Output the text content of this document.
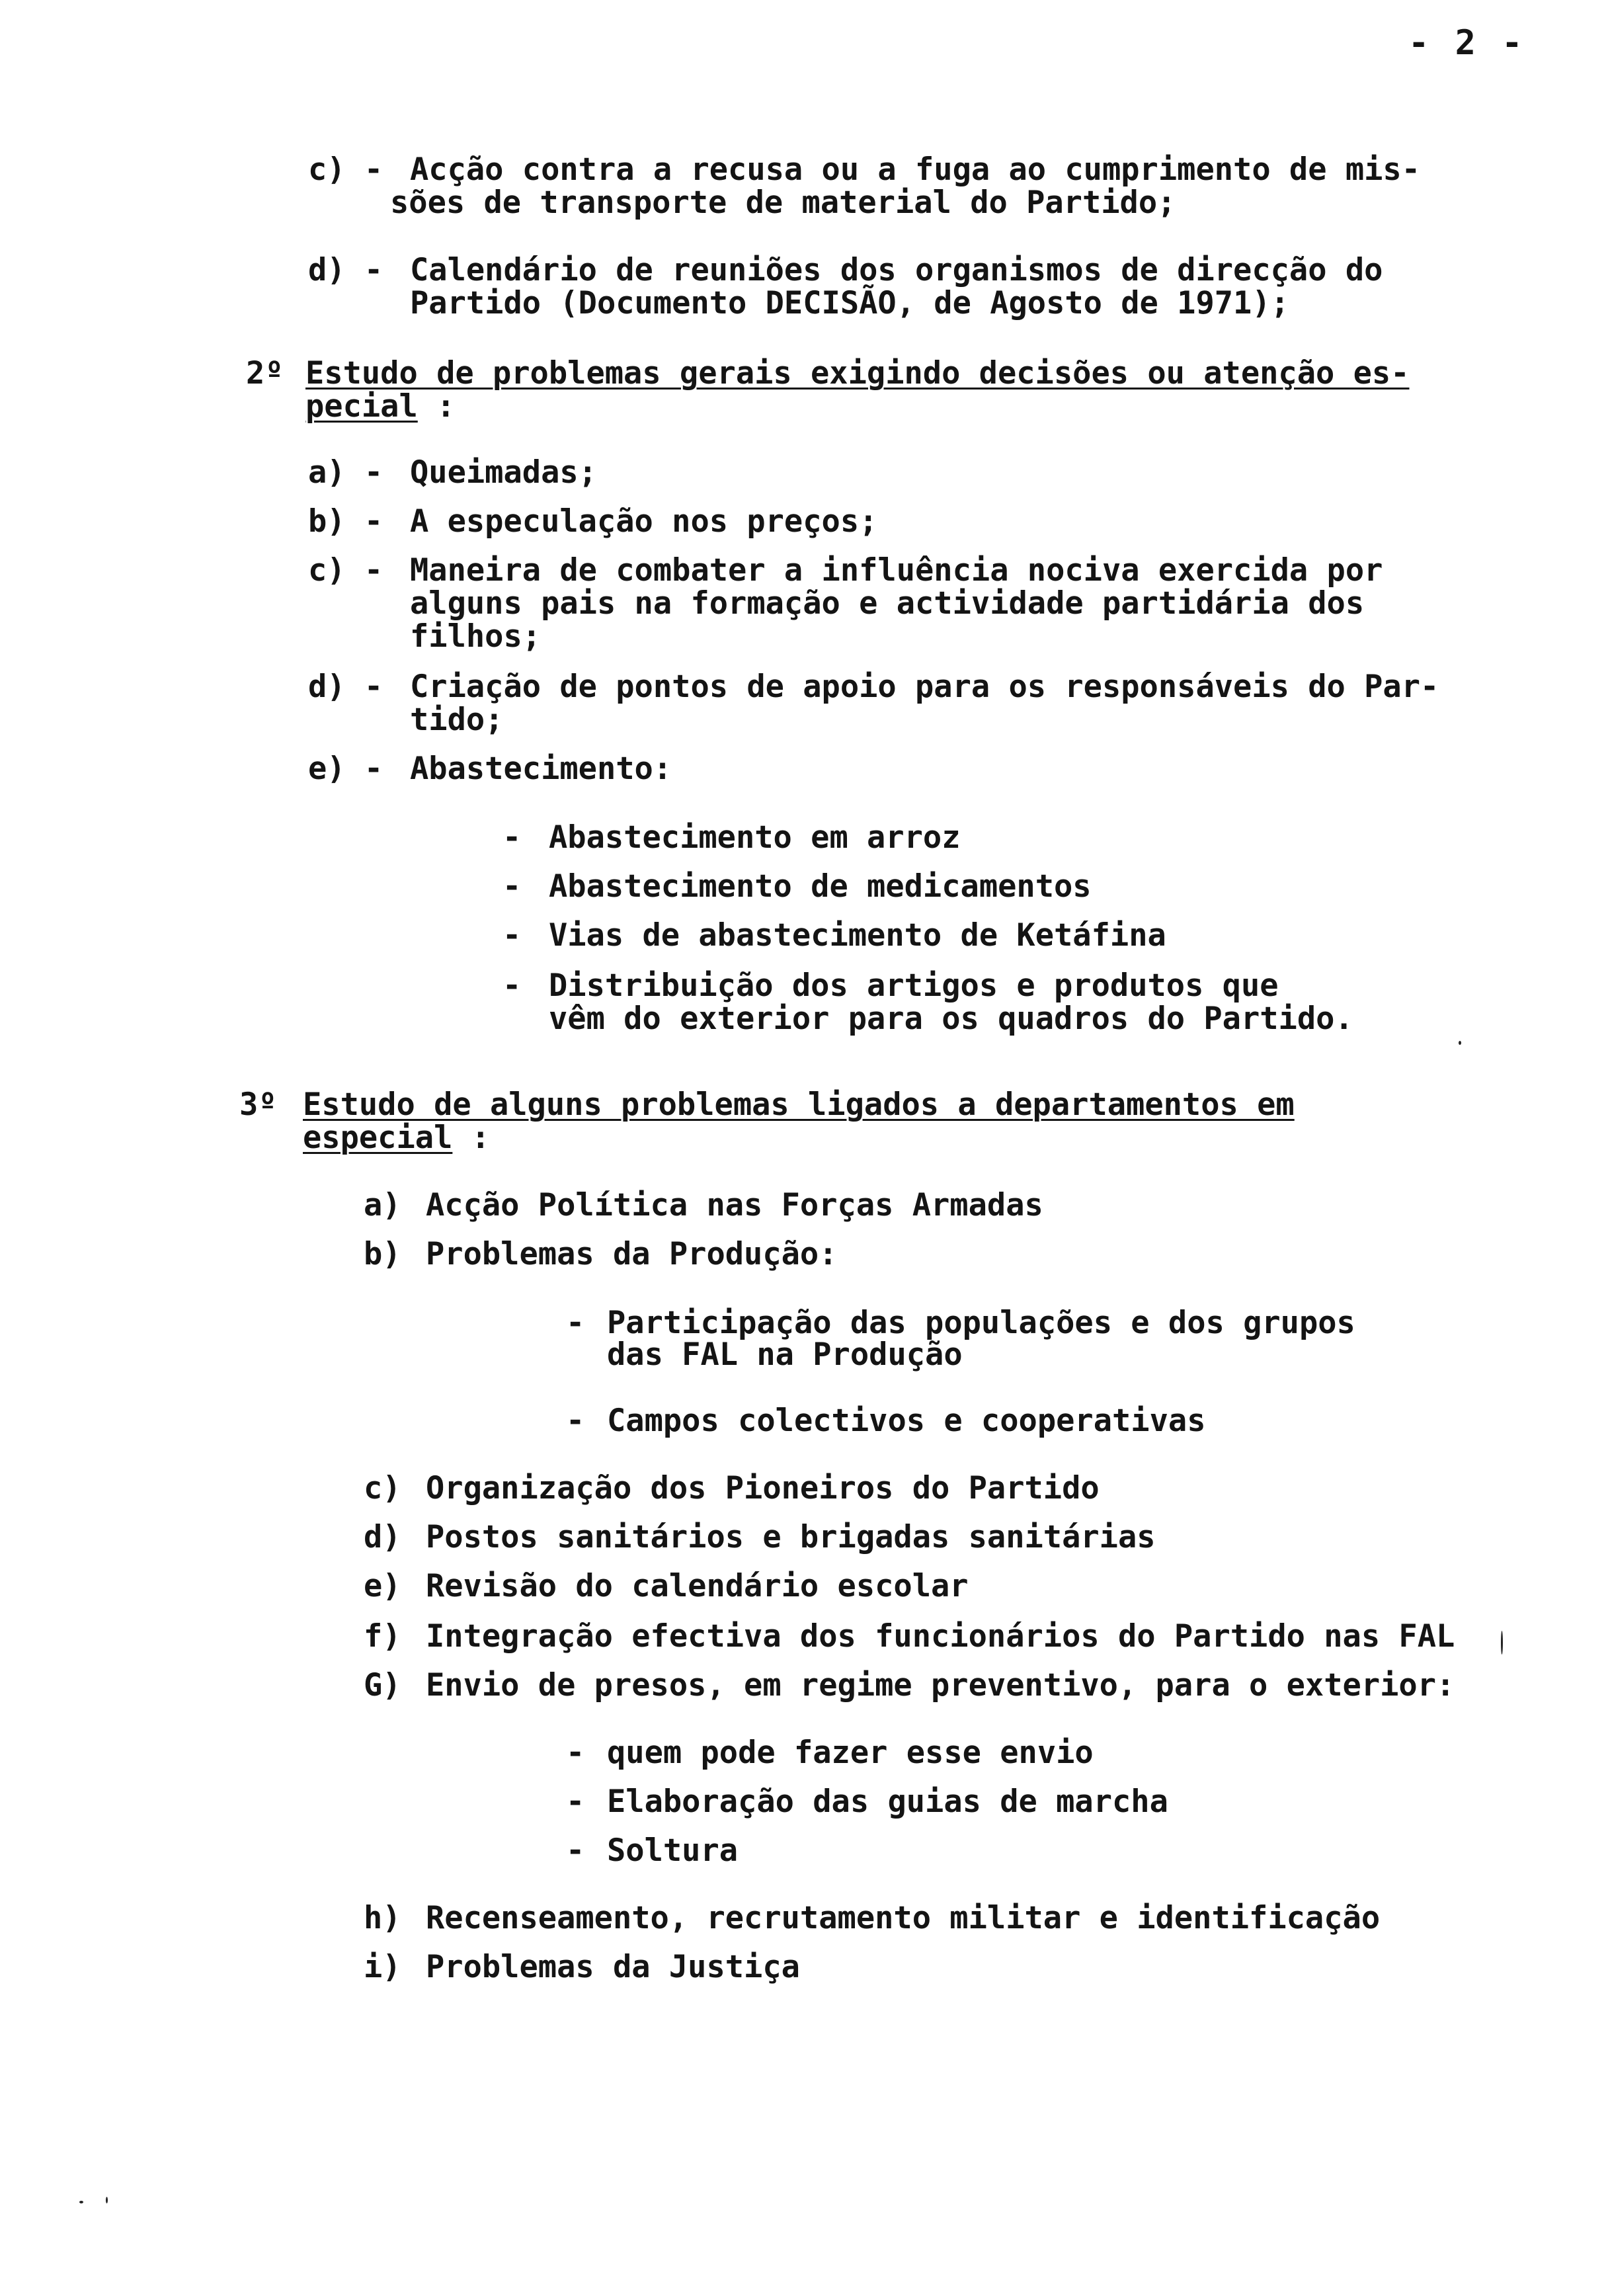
- 2 -
c) - Acção contra a recusa ou a fuga ao cumprimento de mis-
sões de transporte de material do Partido;
d) - Calendário de reuniões dos organismos de direcção do
Partido (Documento DECISÃO, de Agosto de 1971);
2º Estudo de problemas gerais exigindo decisões ou atenção es-
pecial :
a) - Queimadas;
b) - A especulação nos preços;
c) - Maneira de combater a influência nociva exercida por
alguns pais na formação e actividade partidária dos
filhos;
d) - Criação de pontos de apoio para os responsáveis do Par-
tido;
e) - Abastecimento:
- Abastecimento em arroz
- Abastecimento de medicamentos
- Vias de abastecimento de Ketáfina
- Distribuição dos artigos e produtos que
vêm do exterior para os quadros do Partido.
3º Estudo de alguns problemas ligados a departamentos em
especial :
a) Acção Política nas Forças Armadas
b) Problemas da Produção:
- Participação das populações e dos grupos
das FAL na Produção
- Campos colectivos e cooperativas
c) Organização dos Pioneiros do Partido
d) Postos sanitários e brigadas sanitárias
e) Revisão do calendário escolar
f) Integração efectiva dos funcionários do Partido nas FAL
G) Envio de presos, em regime preventivo, para o exterior:
- quem pode fazer esse envio
- Elaboração das guias de marcha
- Soltura
h) Recenseamento, recrutamento militar e identificação
i) Problemas da Justiça
